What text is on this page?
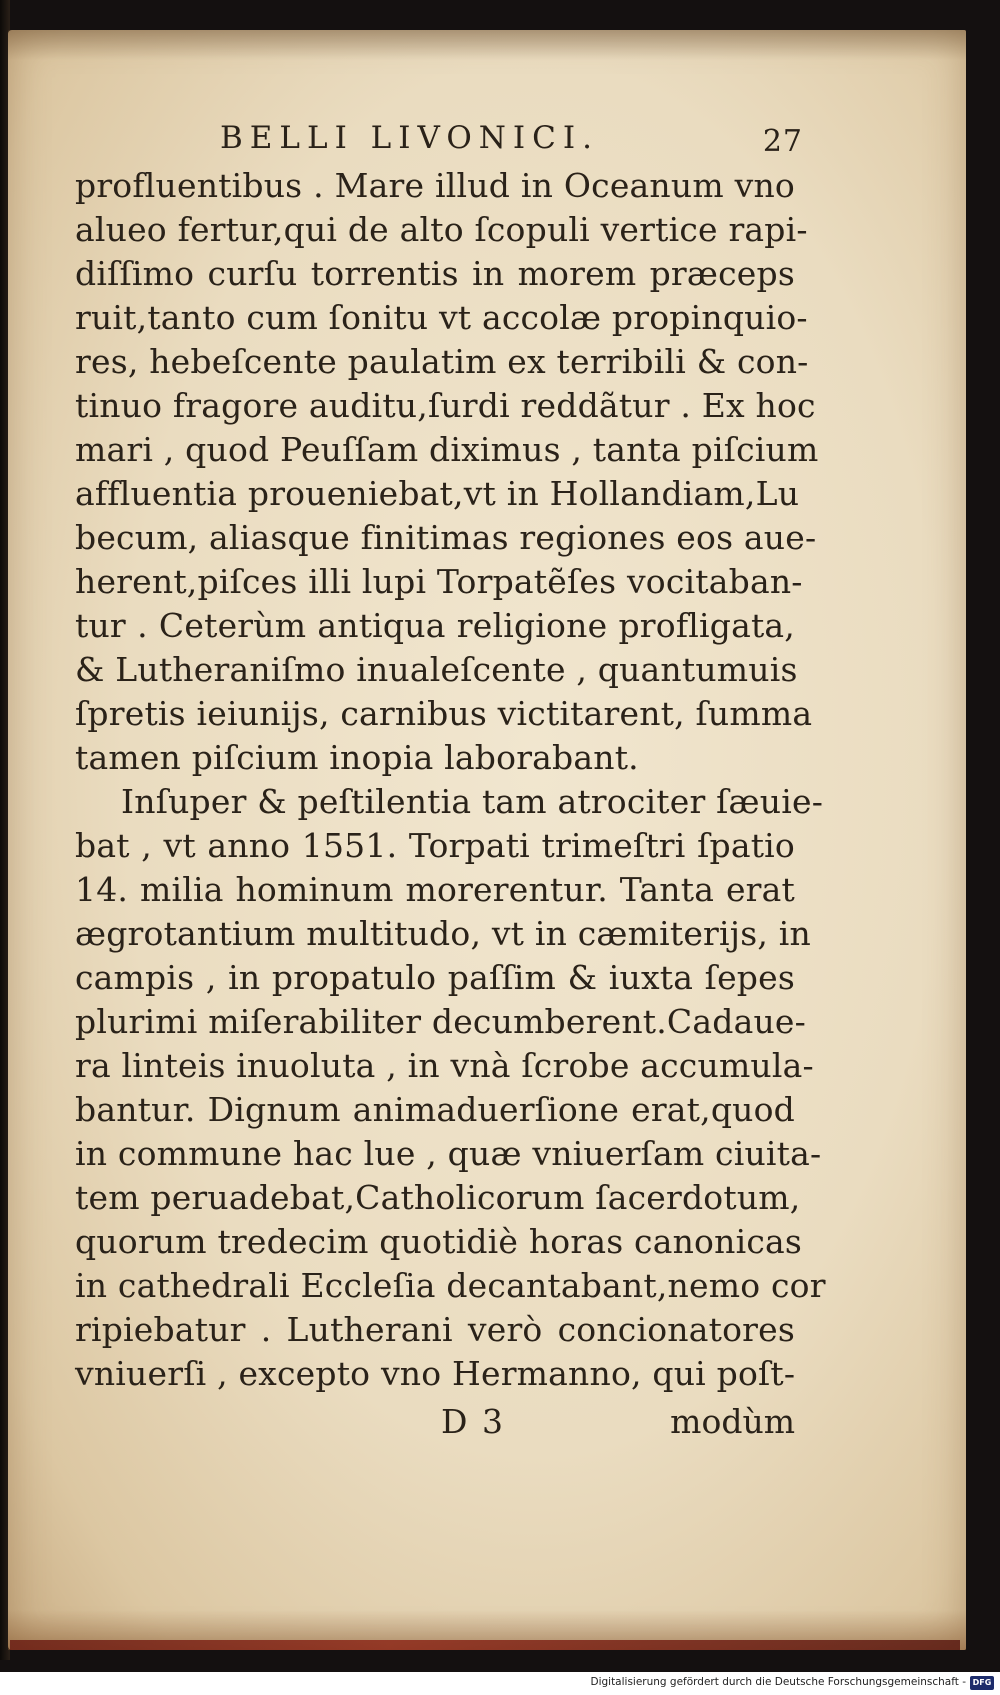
BELLI LIVONICI.	27
profluentibus . Mare illud in Oceanum vno
alueo fertur,qui de alto ſcopuli vertice rapi-
diſſimo curſu torrentis in morem præceps
ruit,tanto cum ſonitu vt accolæ propinquio-
res, hebeſcente paulatim ex terribili & con-
tinuo fragore auditu,ſurdi reddãtur . Ex hoc
mari , quod Peuſſam diximus , tanta piſcium
affluentia proueniebat,vt in Hollandiam,Lu
becum, aliasque finitimas regiones eos aue-
herent,piſces illi lupi Torpatẽſes vocitaban-
tur . Ceterùm antiqua religione profligata,
& Lutheraniſmo inualeſcente , quantumuis
ſpretis ieiunijs, carnibus victitarent, ſumma
tamen piſcium inopia laborabant.
Inſuper & peſtilentia tam atrociter ſæuie-
bat , vt anno 1551. Torpati trimeſtri ſpatio
14. milia hominum morerentur. Tanta erat
ægrotantium multitudo, vt in cæmiterijs, in
campis , in propatulo paſſim & iuxta ſepes
plurimi miſerabiliter decumberent.Cadaue-
ra linteis inuoluta , in vnà ſcrobe accumula-
bantur. Dignum animaduerſione erat,quod
in commune hac lue , quæ vniuerſam ciuita-
tem peruadebat,Catholicorum ſacerdotum,
quorum tredecim quotidiè horas canonicas
in cathedrali Eccleſia decantabant,nemo cor
ripiebatur . Lutherani verò concionatores
vniuerſi , excepto vno Hermanno, qui poſt-
D 3	modùm
Digitalisierung gefördert durch die Deutsche Forschungsgemeinschaft - DFG
